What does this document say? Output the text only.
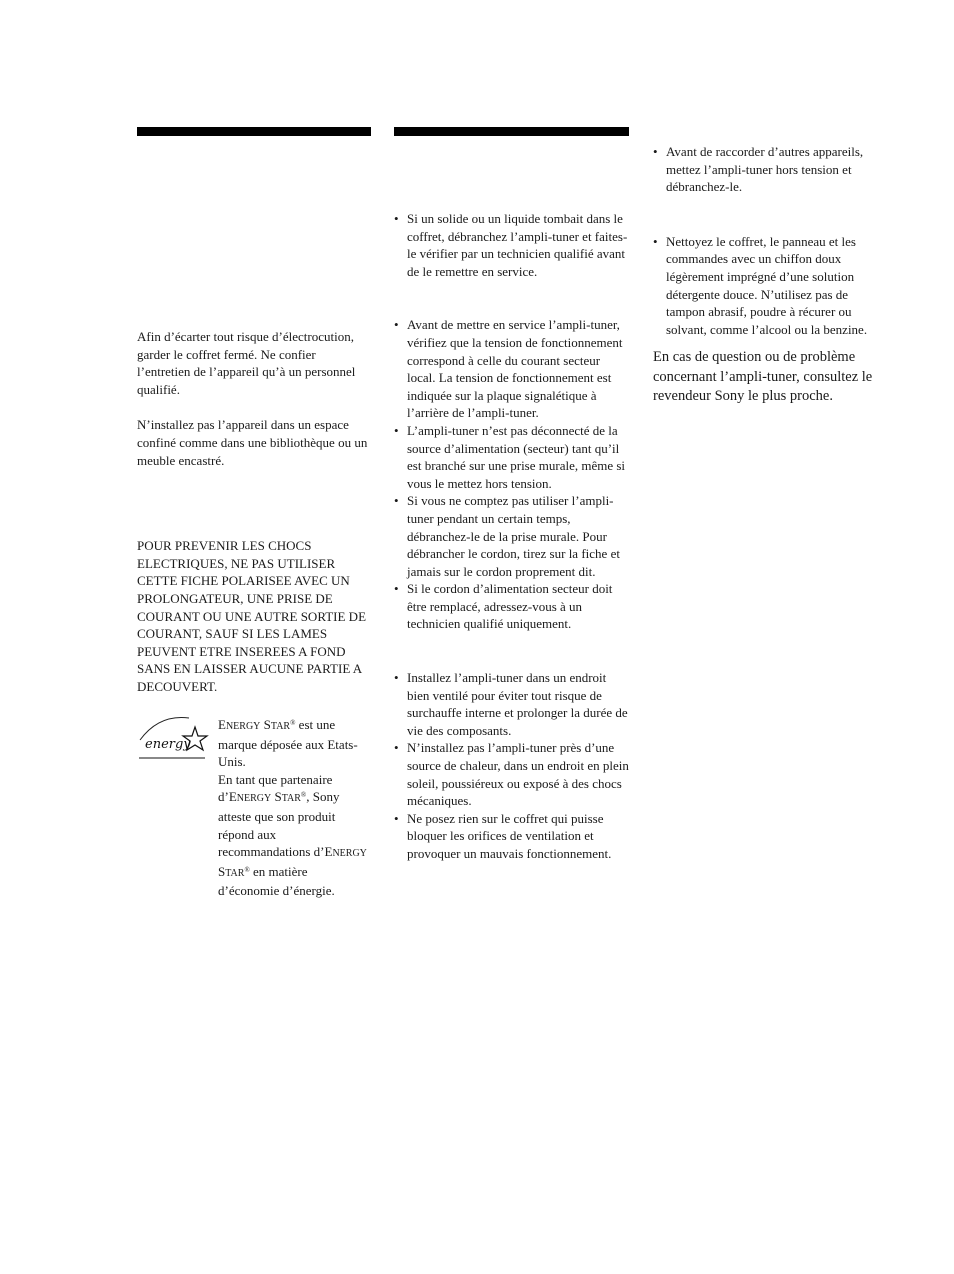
Afin d’écarter tout risque d’électrocution, garder le coffret fermé. Ne confier l’entretien de l’appareil qu’à un personnel qualifié.

N’installez pas l’appareil dans un espace confiné comme dans une bibliothèque ou un meuble encastré.

POUR PREVENIR LES CHOCS ELECTRIQUES, NE PAS UTILISER CETTE FICHE POLARISEE AVEC UN PROLONGATEUR, UNE PRISE DE COURANT OU UNE AUTRE SORTIE DE COURANT, SAUF SI LES LAMES PEUVENT ETRE INSEREES A FOND SANS EN LAISSER AUCUNE PARTIE A DECOUVERT.

energy

ENERGY STAR® est une marque déposée aux Etats-Unis.

En tant que partenaire d’ENERGY STAR®, Sony atteste que son produit répond aux recommandations d’ENERGY STAR® en matière d’économie d’énergie.

• Si un solide ou un liquide tombait dans le coffret, débranchez l’ampli-tuner et faites-le vérifier par un technicien qualifié avant de le remettre en service.
• Avant de mettre en service l’ampli-tuner, vérifiez que la tension de fonctionnement correspond à celle du courant secteur local. La tension de fonctionnement est indiquée sur la plaque signalétique à l’arrière de l’ampli-tuner.
• L’ampli-tuner n’est pas déconnecté de la source d’alimentation (secteur) tant qu’il est branché sur une prise murale, même si vous le mettez hors tension.
• Si vous ne comptez pas utiliser l’ampli-tuner pendant un certain temps, débranchez-le de la prise murale. Pour débrancher le cordon, tirez sur la fiche et jamais sur le cordon proprement dit.
• Si le cordon d’alimentation secteur doit être remplacé, adressez-vous à un technicien qualifié uniquement.
• Installez l’ampli-tuner dans un endroit bien ventilé pour éviter tout risque de surchauffe interne et prolonger la durée de vie des composants.
• N’installez pas l’ampli-tuner près d’une source de chaleur, dans un endroit en plein soleil, poussiéreux ou exposé à des chocs mécaniques.
• Ne posez rien sur le coffret qui puisse bloquer les orifices de ventilation et provoquer un mauvais fonctionnement.
• Avant de raccorder d’autres appareils, mettez l’ampli-tuner hors tension et débranchez-le.
• Nettoyez le coffret, le panneau et les commandes avec un chiffon doux légèrement imprégné d’une solution détergente douce. N’utilisez pas de tampon abrasif, poudre à récurer ou solvant, comme l’alcool ou la benzine.

En cas de question ou de problème concernant l’ampli-tuner, consultez le revendeur Sony le plus proche.
